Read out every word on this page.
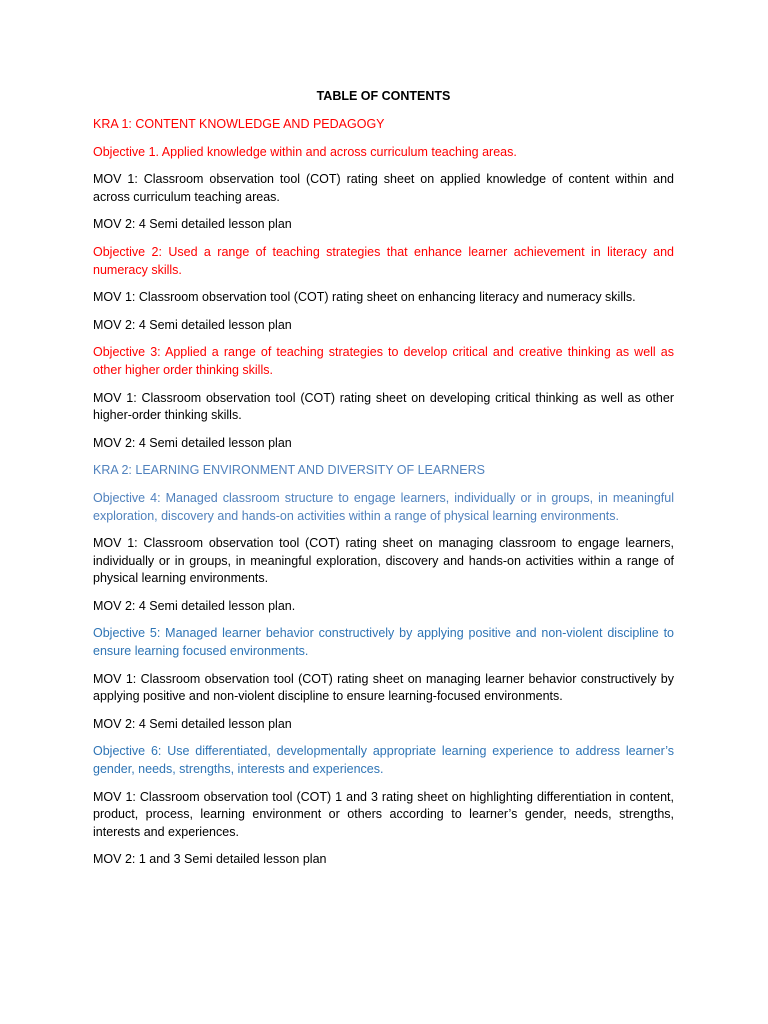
TABLE OF CONTENTS
KRA 1: CONTENT KNOWLEDGE AND PEDAGOGY
Objective 1. Applied knowledge within and across curriculum teaching areas.
MOV 1: Classroom observation tool (COT) rating sheet on applied knowledge of content within and across curriculum teaching areas.
MOV 2: 4 Semi detailed lesson plan
Objective 2: Used a range of teaching strategies that enhance learner achievement in literacy and numeracy skills.
MOV 1: Classroom observation tool (COT) rating sheet on enhancing literacy and numeracy skills.
MOV 2: 4 Semi detailed lesson plan
Objective 3: Applied a range of teaching strategies to develop critical and creative thinking as well as other higher order thinking skills.
MOV 1: Classroom observation tool (COT) rating sheet on developing critical thinking as well as other higher-order thinking skills.
MOV 2: 4 Semi detailed lesson plan
KRA 2: LEARNING ENVIRONMENT AND DIVERSITY OF LEARNERS
Objective 4: Managed classroom structure to engage learners, individually or in groups, in meaningful exploration, discovery and hands-on activities within a range of physical learning environments.
MOV 1: Classroom observation tool (COT) rating sheet on managing classroom to engage learners, individually or in groups, in meaningful exploration, discovery and hands-on activities within a range of physical learning environments.
MOV 2: 4 Semi detailed lesson plan.
Objective 5: Managed learner behavior constructively by applying positive and non-violent discipline to ensure learning focused environments.
MOV 1: Classroom observation tool (COT) rating sheet on managing learner behavior constructively by applying positive and non-violent discipline to ensure learning-focused environments.
MOV 2: 4 Semi detailed lesson plan
Objective 6: Use differentiated, developmentally appropriate learning experience to address learner’s gender, needs, strengths, interests and experiences.
MOV 1: Classroom observation tool (COT) 1 and 3 rating sheet on highlighting differentiation in content, product, process, learning environment or others according to learner’s gender, needs, strengths, interests and experiences.
MOV 2: 1 and 3 Semi detailed lesson plan
